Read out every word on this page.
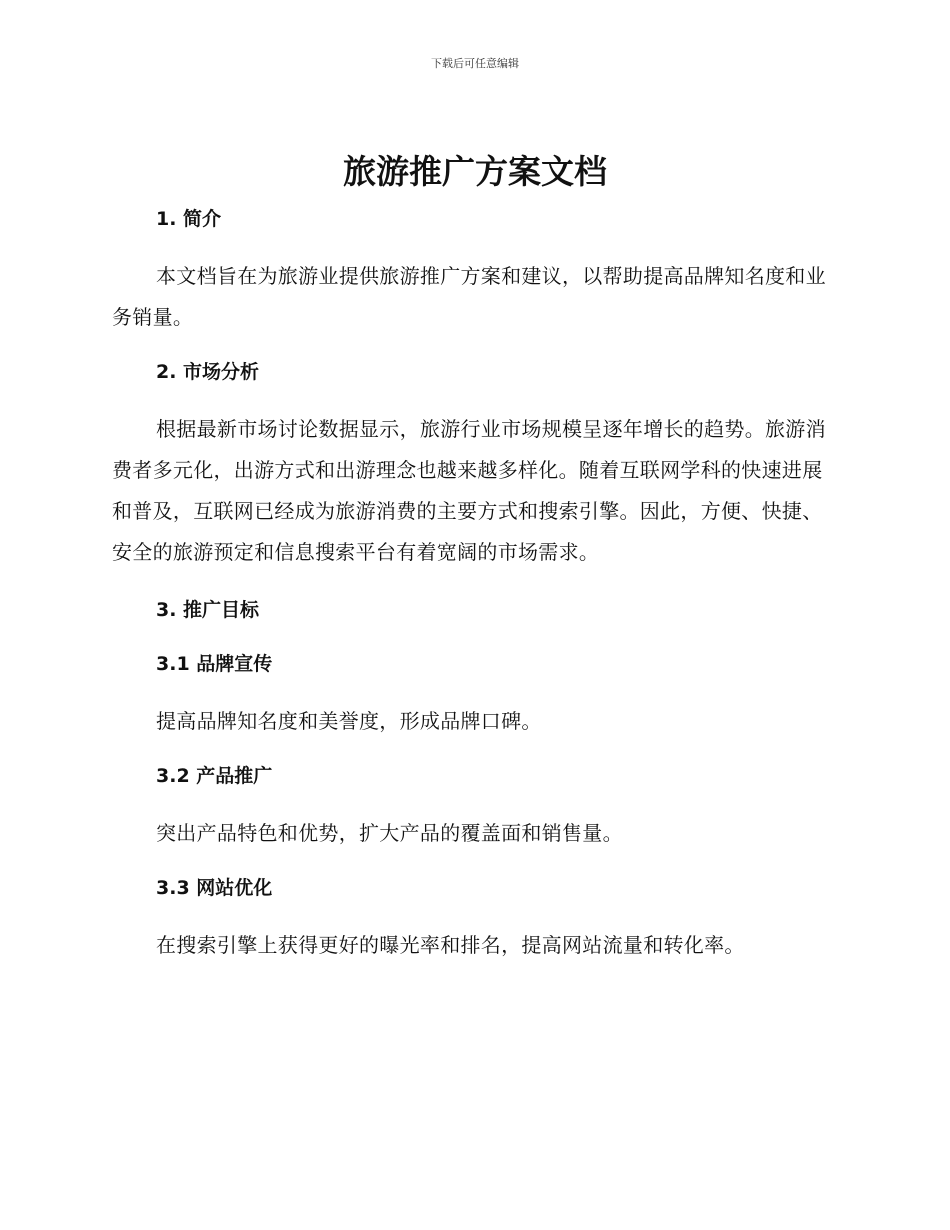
下载后可任意编辑
旅游推广方案文档
1. 简介

本文档旨在为旅游业提供旅游推广方案和建议，以帮助提高品牌知名度和业务销量。

2. 市场分析

根据最新市场讨论数据显示，旅游行业市场规模呈逐年增长的趋势。旅游消费者多元化，出游方式和出游理念也越来越多样化。随着互联网学科的快速进展和普及，互联网已经成为旅游消费的主要方式和搜索引擎。因此，方便、快捷、安全的旅游预定和信息搜索平台有着宽阔的市场需求。

3. 推广目标
3.1 品牌宣传

提高品牌知名度和美誉度，形成品牌口碑。

3.2 产品推广

突出产品特色和优势，扩大产品的覆盖面和销售量。

3.3 网站优化

在搜索引擎上获得更好的曝光率和排名，提高网站流量和转化率。
